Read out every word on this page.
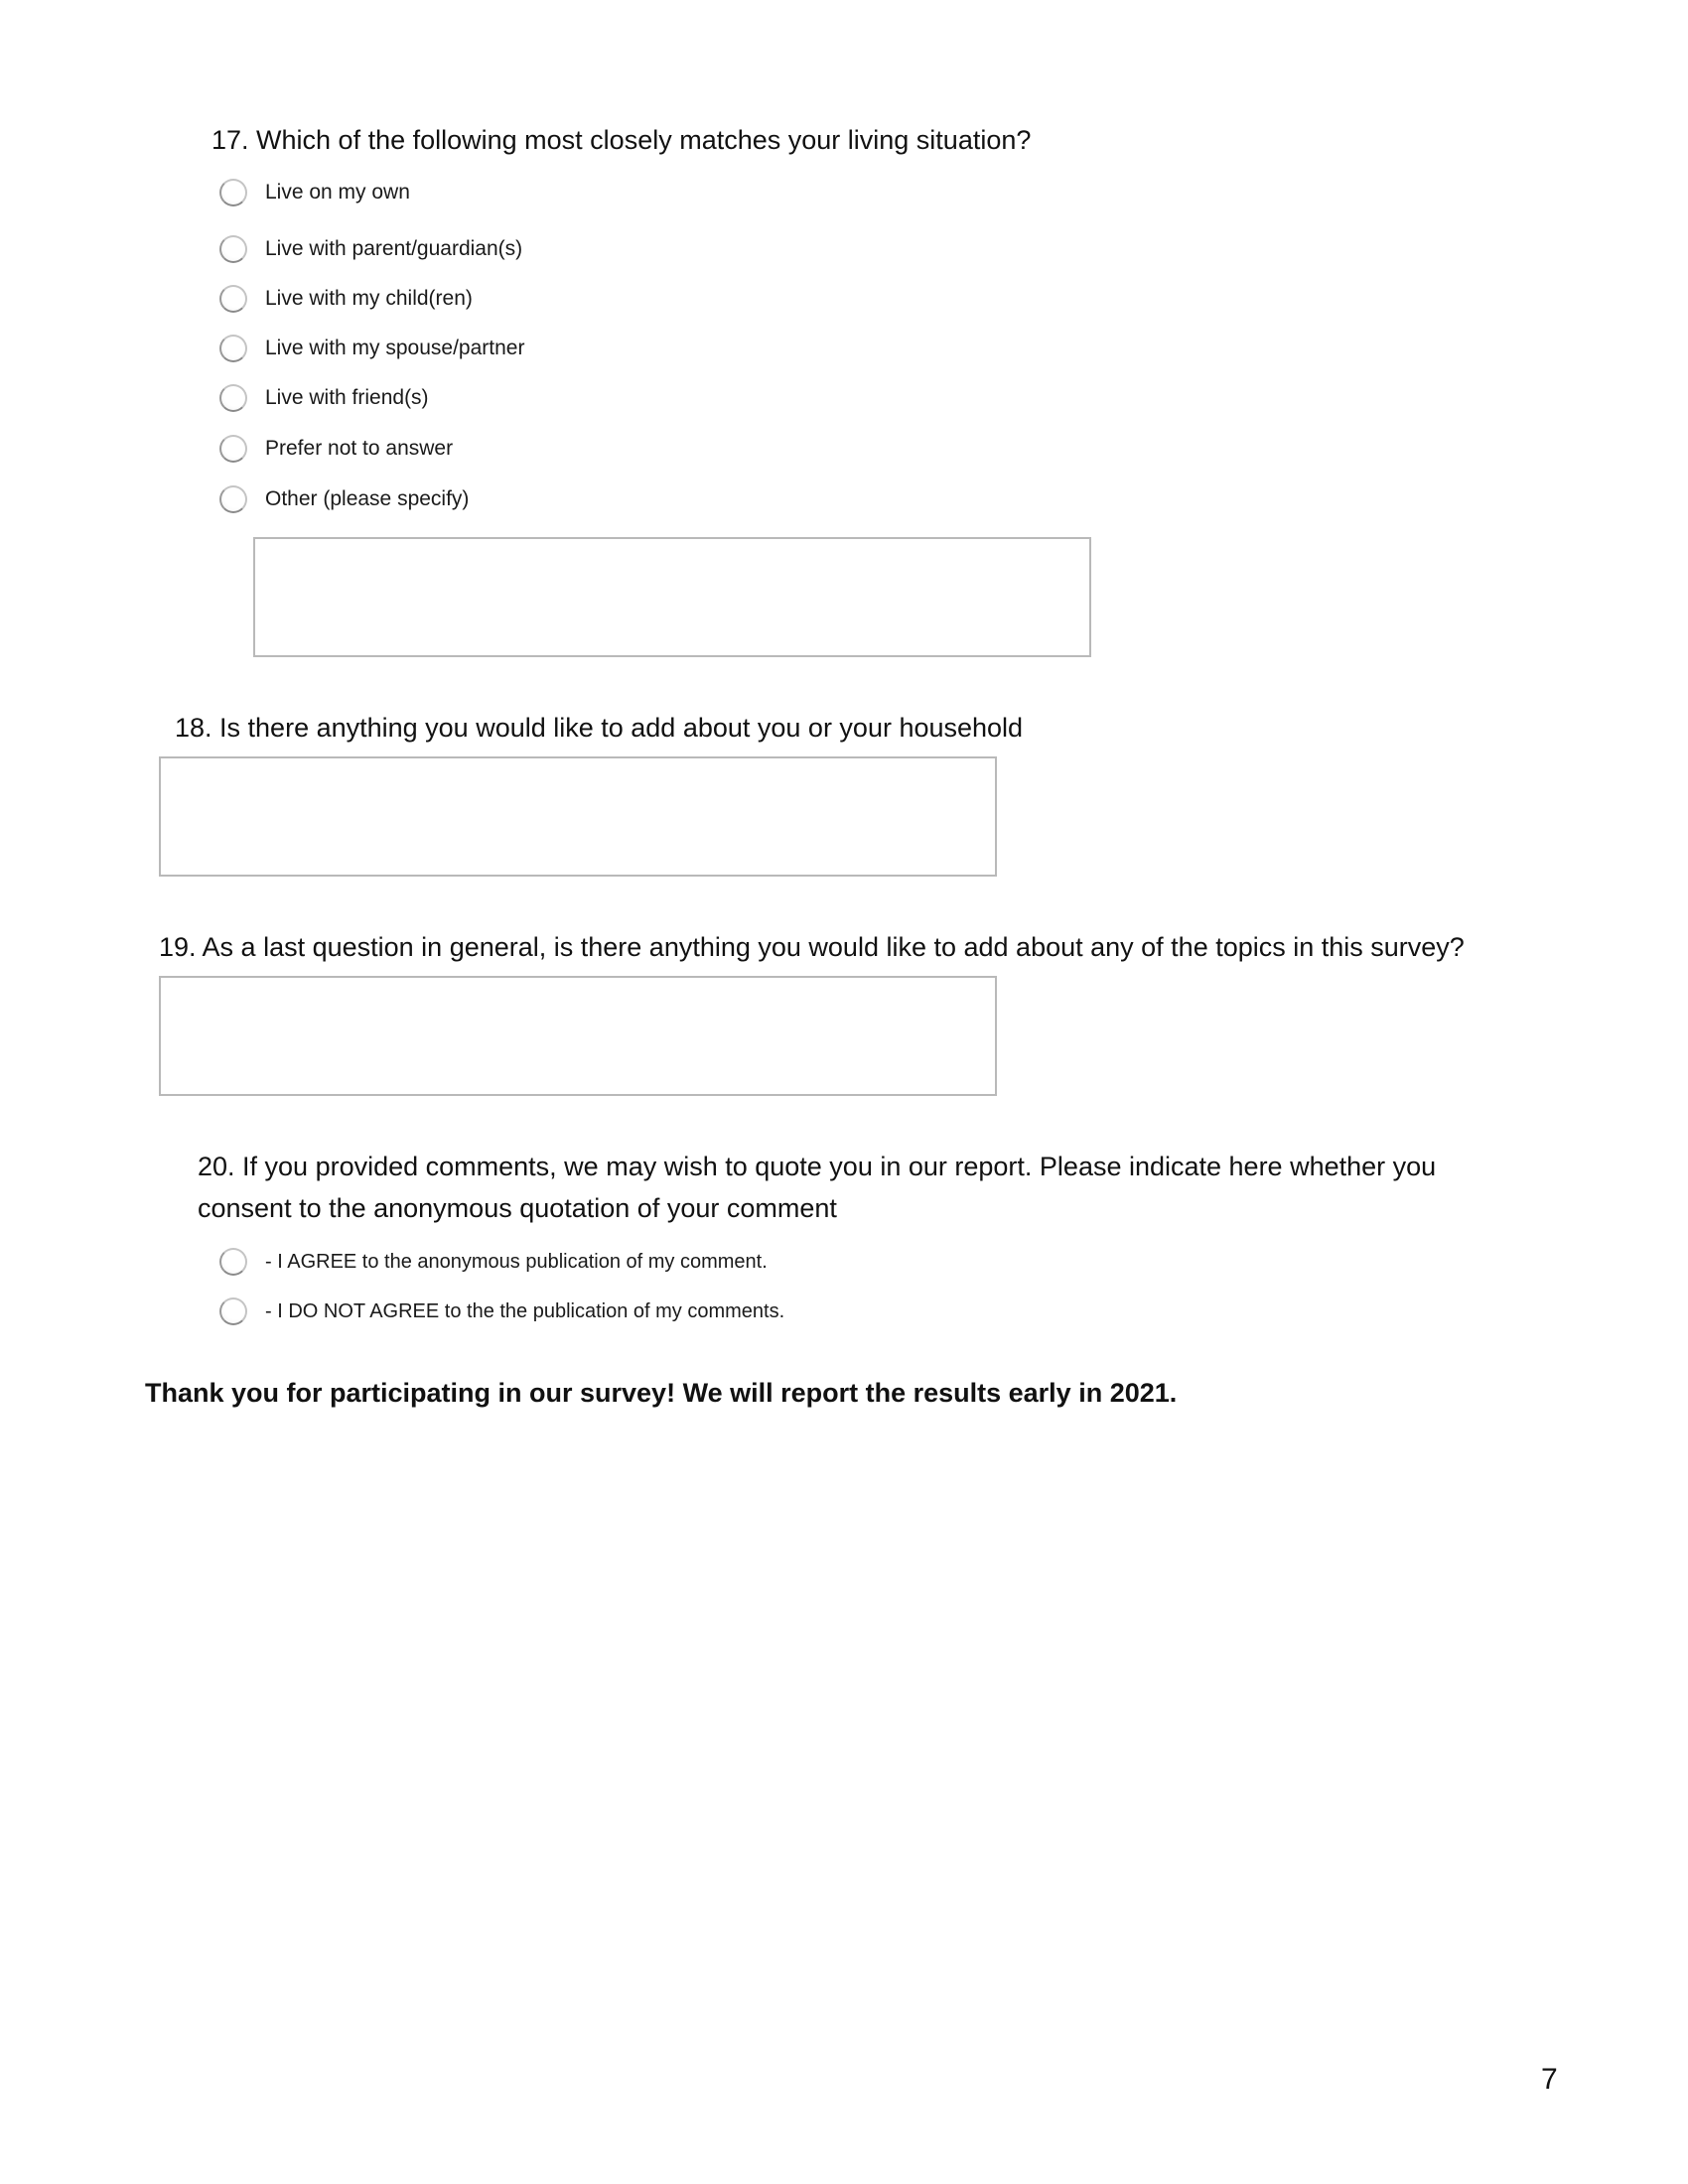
17. Which of the following most closely matches your living situation?

Live on my own
Live with parent/guardian(s)
Live with my child(ren)
Live with my spouse/partner
Live with friend(s)
Prefer not to answer
Other (please specify)

18. Is there anything you would like to add about you or your household

19. As a last question in general, is there anything you would like to add about any of the topics in this survey?

20. If you provided comments, we may wish to quote you in our report. Please indicate here whether you

consent to the anonymous quotation of your comment

- I AGREE to the anonymous publication of my comment.
- I DO NOT AGREE to the the publication of my comments.
Thank you for participating in our survey! We will report the results early in 2021.
7
